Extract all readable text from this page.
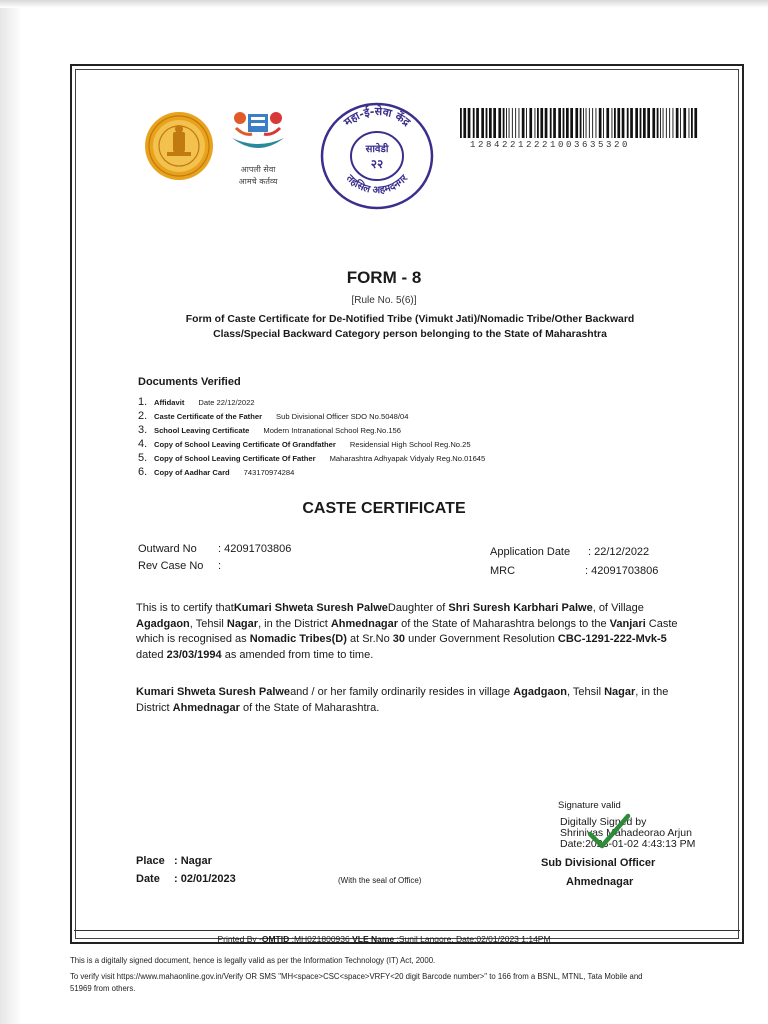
आपली सेवा
आमचे कर्तव्य
महा-ई-सेवा केंद्र
तहसिल अहमदनगर
सावेडी
२२
12842212221003635320
FORM - 8
[Rule No. 5(6)]
Form of Caste Certificate for De-Notified Tribe (Vimukt Jati)/Nomadic Tribe/Other Backward
Class/Special Backward Category person belonging to the State of Maharashtra
Documents Verified
1. Affidavit Date 22/12/2022
2. Caste Certificate of the Father Sub Divisional Officer SDO No.5048/04
3. School Leaving Certificate Modern Intranational School Reg.No.156
4. Copy of School Leaving Certificate Of Grandfather Residensial High School Reg.No.25
5. Copy of School Leaving Certificate Of Father Maharashtra Adhyapak Vidyaly Reg.No.01645
6. Copy of Aadhar Card 743170974284
CASTE CERTIFICATE
Outward No : 42091703806
Rev Case No :
Application Date : 22/12/2022
MRC	: 42091703806
This is to certify thatKumari Shweta Suresh PalweDaughter of Shri Suresh Karbhari Palwe, of Village Agadgaon, Tehsil Nagar, in the District Ahmednagar of the State of Maharashtra belongs to the Vanjari Caste which is recognised as Nomadic Tribes(D) at Sr.No 30 under Government Resolution CBC-1291-222-Mvk-5 dated 23/03/1994 as amended from time to time.
Kumari Shweta Suresh Palweand / or her family ordinarily resides in village Agadgaon, Tehsil Nagar, in the District Ahmednagar of the State of Maharashtra.
Signature valid
Digitally Signed by
Shrinivas Mahadeorao Arjun
Date:2023-01-02 4:43:13 PM
Sub Divisional Officer
Ahmednagar
Place : Nagar
Date : 02/01/2023	(With the seal of Office)
Printed By -OMTID :MH021800936 VLE Name :Sunil Langore, Date:02/01/2023 1:14PM
This is a digitally signed document, hence is legally valid as per the Information Technology (IT) Act, 2000.
To verify visit https://www.mahaonline.gov.in/Verify OR SMS "MH<space>CSC<space>VRFY<20 digit Barcode number>" to 166 from a BSNL, MTNL, Tata Mobile and
51969 from others.
